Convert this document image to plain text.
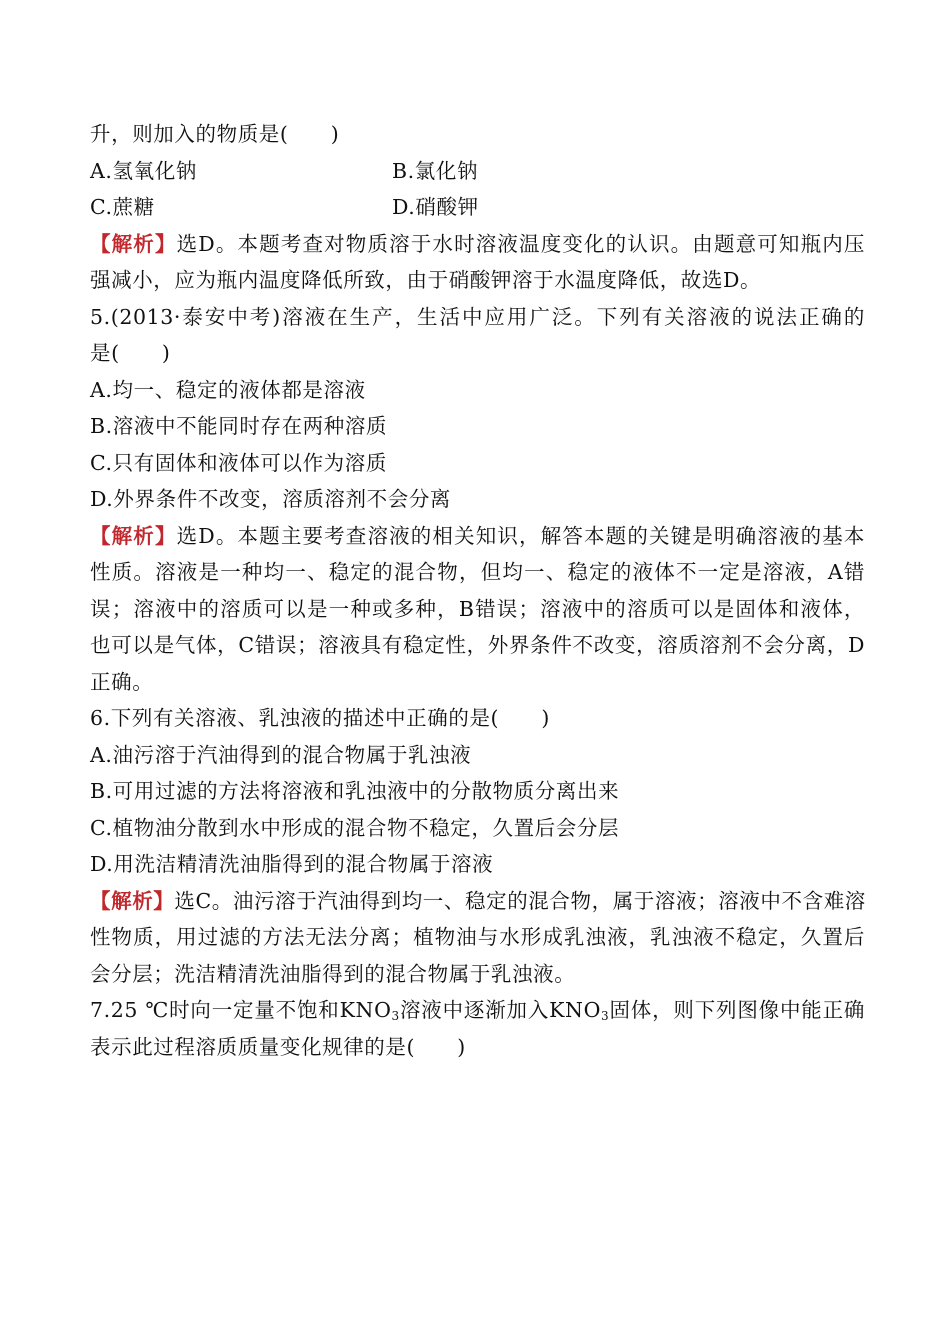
升，则加入的物质是(　　)
A.氢氧化钠	B.氯化钠
C.蔗糖	D.硝酸钾
【解析】选D。本题考查对物质溶于水时溶液温度变化的认识。由题意可知瓶内压
强减小，应为瓶内温度降低所致，由于硝酸钾溶于水温度降低，故选D。
5.(2013·泰安中考)溶液在生产，生活中应用广泛。下列有关溶液的说法正确的
是(　　)
A.均一、稳定的液体都是溶液
B.溶液中不能同时存在两种溶质
C.只有固体和液体可以作为溶质
D.外界条件不改变，溶质溶剂不会分离
【解析】选D。本题主要考查溶液的相关知识，解答本题的关键是明确溶液的基本
性质。溶液是一种均一、稳定的混合物，但均一、稳定的液体不一定是溶液，A错
误；溶液中的溶质可以是一种或多种，B错误；溶液中的溶质可以是固体和液体，
也可以是气体，C错误；溶液具有稳定性，外界条件不改变，溶质溶剂不会分离，D
正确。
6.下列有关溶液、乳浊液的描述中正确的是(　　)
A.油污溶于汽油得到的混合物属于乳浊液
B.可用过滤的方法将溶液和乳浊液中的分散物质分离出来
C.植物油分散到水中形成的混合物不稳定，久置后会分层
D.用洗洁精清洗油脂得到的混合物属于溶液
【解析】选C。油污溶于汽油得到均一、稳定的混合物，属于溶液；溶液中不含难溶
性物质，用过滤的方法无法分离；植物油与水形成乳浊液，乳浊液不稳定，久置后
会分层；洗洁精清洗油脂得到的混合物属于乳浊液。
7.25 ℃时向一定量不饱和$KNO_3$溶液中逐渐加入$KNO_3$固体，则下列图像中能正确
表示此过程溶质质量变化规律的是(　　)
